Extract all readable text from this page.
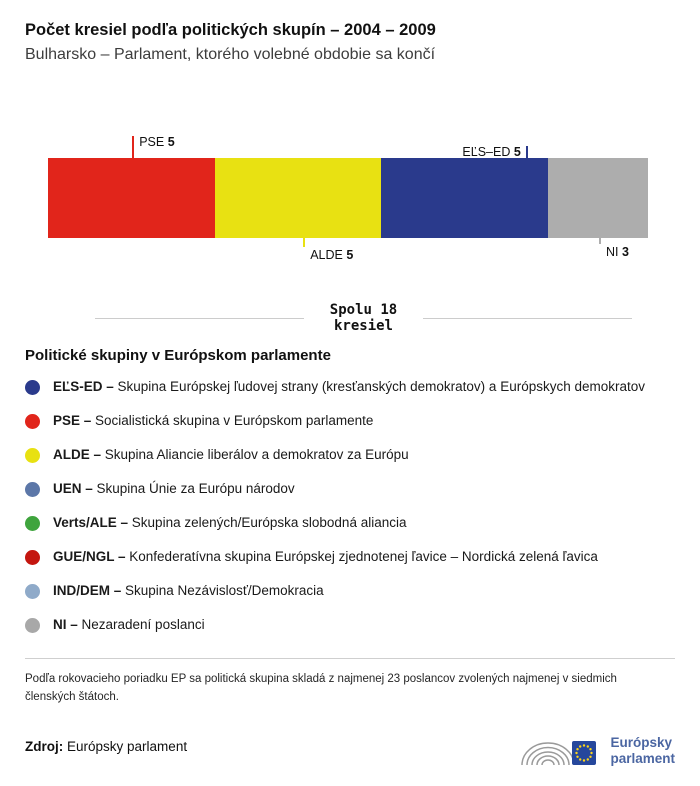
Počet kresiel podľa politických skupín – 2004 – 2009
Bulharsko – Parlament, ktorého volebné obdobie sa končí
PSE 5
ALDE 5
EĽS–ED 5
NI 3
Spolu 18
kresiel
Politické skupiny v Európskom parlamente
EĽS-ED – Skupina Európskej ľudovej strany (kresťanských demokratov) a Európskych demokratov
PSE – Socialistická skupina v Európskom parlamente
ALDE – Skupina Aliancie liberálov a demokratov za Európu
UEN – Skupina Únie za Európu národov
Verts/ALE – Skupina zelených/Európska slobodná aliancia
GUE/NGL – Konfederatívna skupina Európskej zjednotenej ľavice – Nordická zelená ľavica
IND/DEM – Skupina Nezávislosť/Demokracia
NI – Nezaradení poslanci
Podľa rokovacieho poriadku EP sa politická skupina skladá z najmenej 23 poslancov zvolených najmenej v siedmich členských štátoch.
Zdroj: Európsky parlament	Európsky
parlament
